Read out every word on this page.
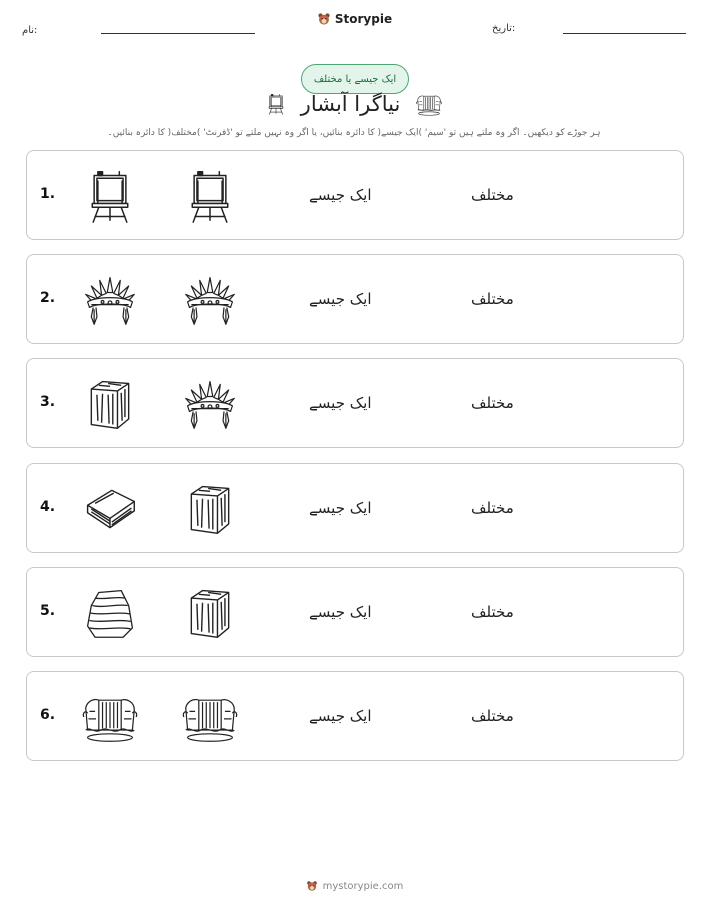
نام:
Storypie
تاریخ:
ایک جیسے یا مختلف
نیاگرا آبشار
ہر جوڑے کو دیکھیں۔ اگر وہ ملتے ہیں تو 'سیم' )ایک جیسے( کا دائرہ بنائیں، یا اگر وہ نہیں ملتے تو 'ڈفرنٹ' )مختلف( کا دائرہ بنائیں۔
1.	ایک جیسے	مختلف
2.	ایک جیسے	مختلف
3.	ایک جیسے	مختلف
4.	ایک جیسے	مختلف
5.	ایک جیسے	مختلف
6.	ایک جیسے	مختلف
mystorypie.com
